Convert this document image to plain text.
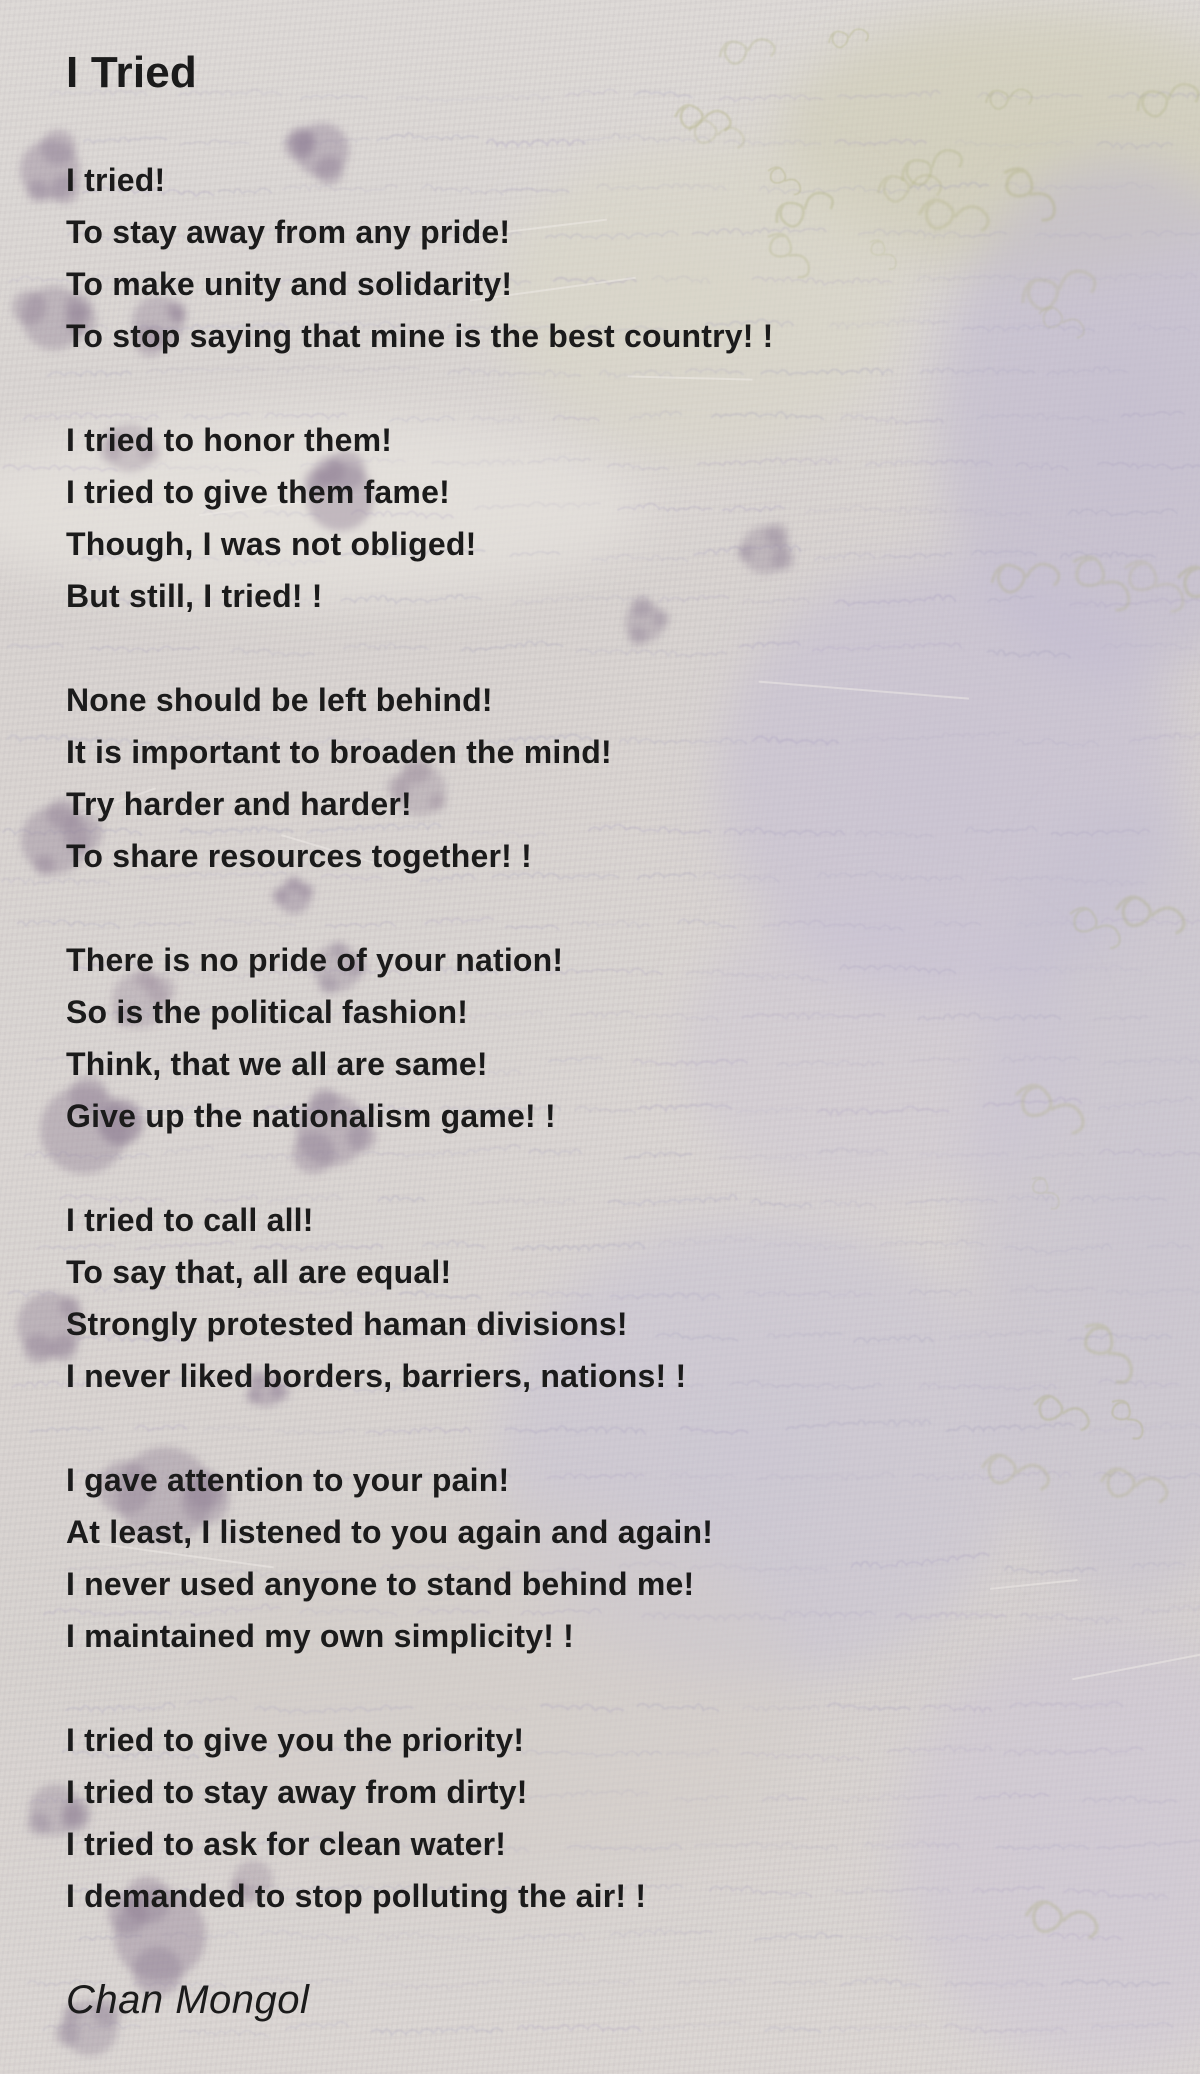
I Tried

I tried!
To stay away from any pride!
To make unity and solidarity!
To stop saying that mine is the best country! !

I tried to honor them!
I tried to give them fame!
Though, I was not obliged!
But still, I tried! !

None should be left behind!
It is important to broaden the mind!
Try harder and harder!
To share resources together! !

There is no pride of your nation!
So is the political fashion!
Think, that we all are same!
Give up the nationalism game! !

I tried to call all!
To say that, all are equal!
Strongly protested haman divisions!
I never liked borders, barriers, nations! !

I gave attention to your pain!
At least, I listened to you again and again!
I never used anyone to stand behind me!
I maintained my own simplicity! !

I tried to give you the priority!
I tried to stay away from dirty!
I tried to ask for clean water!
I demanded to stop polluting the air! !

Chan Mongol
